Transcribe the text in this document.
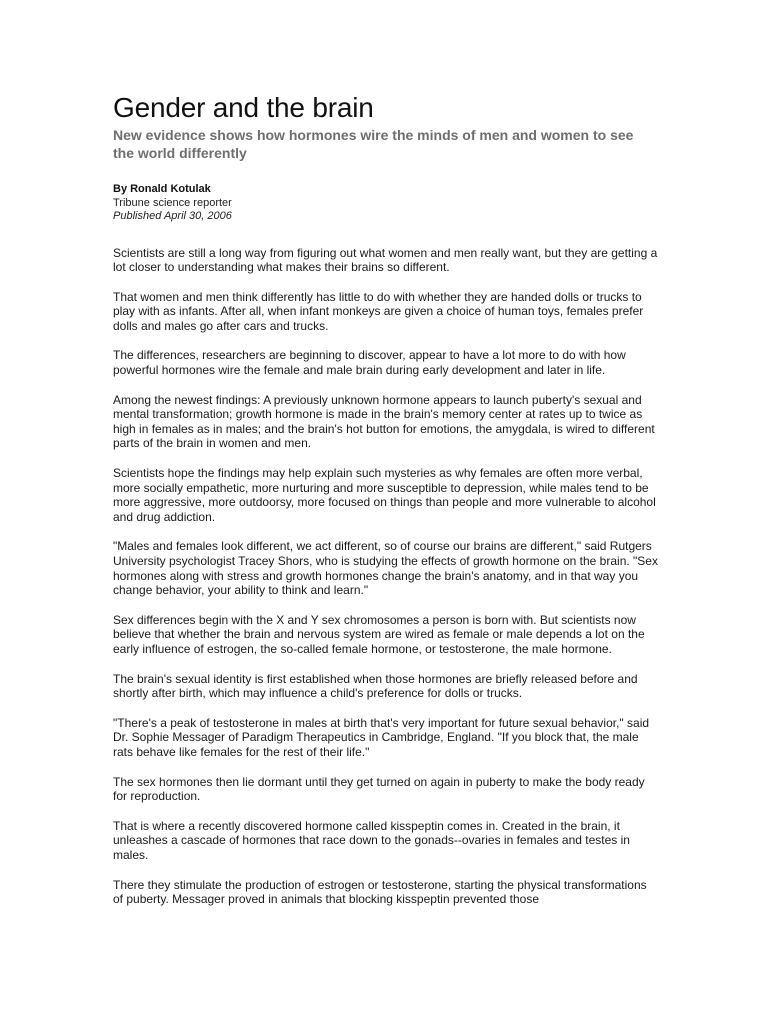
Gender and the brain
New evidence shows how hormones wire the minds of men and women to see the world differently
By Ronald Kotulak
Tribune science reporter
Published April 30, 2006

Scientists are still a long way from figuring out what women and men really want, but they are getting a lot closer to understanding what makes their brains so different.

That women and men think differently has little to do with whether they are handed dolls or trucks to play with as infants. After all, when infant monkeys are given a choice of human toys, females prefer dolls and males go after cars and trucks.

The differences, researchers are beginning to discover, appear to have a lot more to do with how powerful hormones wire the female and male brain during early development and later in life.

Among the newest findings: A previously unknown hormone appears to launch puberty's sexual and mental transformation; growth hormone is made in the brain's memory center at rates up to twice as high in females as in males; and the brain's hot button for emotions, the amygdala, is wired to different parts of the brain in women and men.

Scientists hope the findings may help explain such mysteries as why females are often more verbal, more socially empathetic, more nurturing and more susceptible to depression, while males tend to be more aggressive, more outdoorsy, more focused on things than people and more vulnerable to alcohol and drug addiction.

"Males and females look different, we act different, so of course our brains are different," said Rutgers University psychologist Tracey Shors, who is studying the effects of growth hormone on the brain. "Sex hormones along with stress and growth hormones change the brain's anatomy, and in that way you change behavior, your ability to think and learn."

Sex differences begin with the X and Y sex chromosomes a person is born with. But scientists now believe that whether the brain and nervous system are wired as female or male depends a lot on the early influence of estrogen, the so-called female hormone, or testosterone, the male hormone.

The brain's sexual identity is first established when those hormones are briefly released before and shortly after birth, which may influence a child's preference for dolls or trucks.

"There's a peak of testosterone in males at birth that's very important for future sexual behavior," said Dr. Sophie Messager of Paradigm Therapeutics in Cambridge, England. "If you block that, the male rats behave like females for the rest of their life."

The sex hormones then lie dormant until they get turned on again in puberty to make the body ready for reproduction.

That is where a recently discovered hormone called kisspeptin comes in. Created in the brain, it unleashes a cascade of hormones that race down to the gonads--ovaries in females and testes in males.

There they stimulate the production of estrogen or testosterone, starting the physical transformations of puberty. Messager proved in animals that blocking kisspeptin prevented those
